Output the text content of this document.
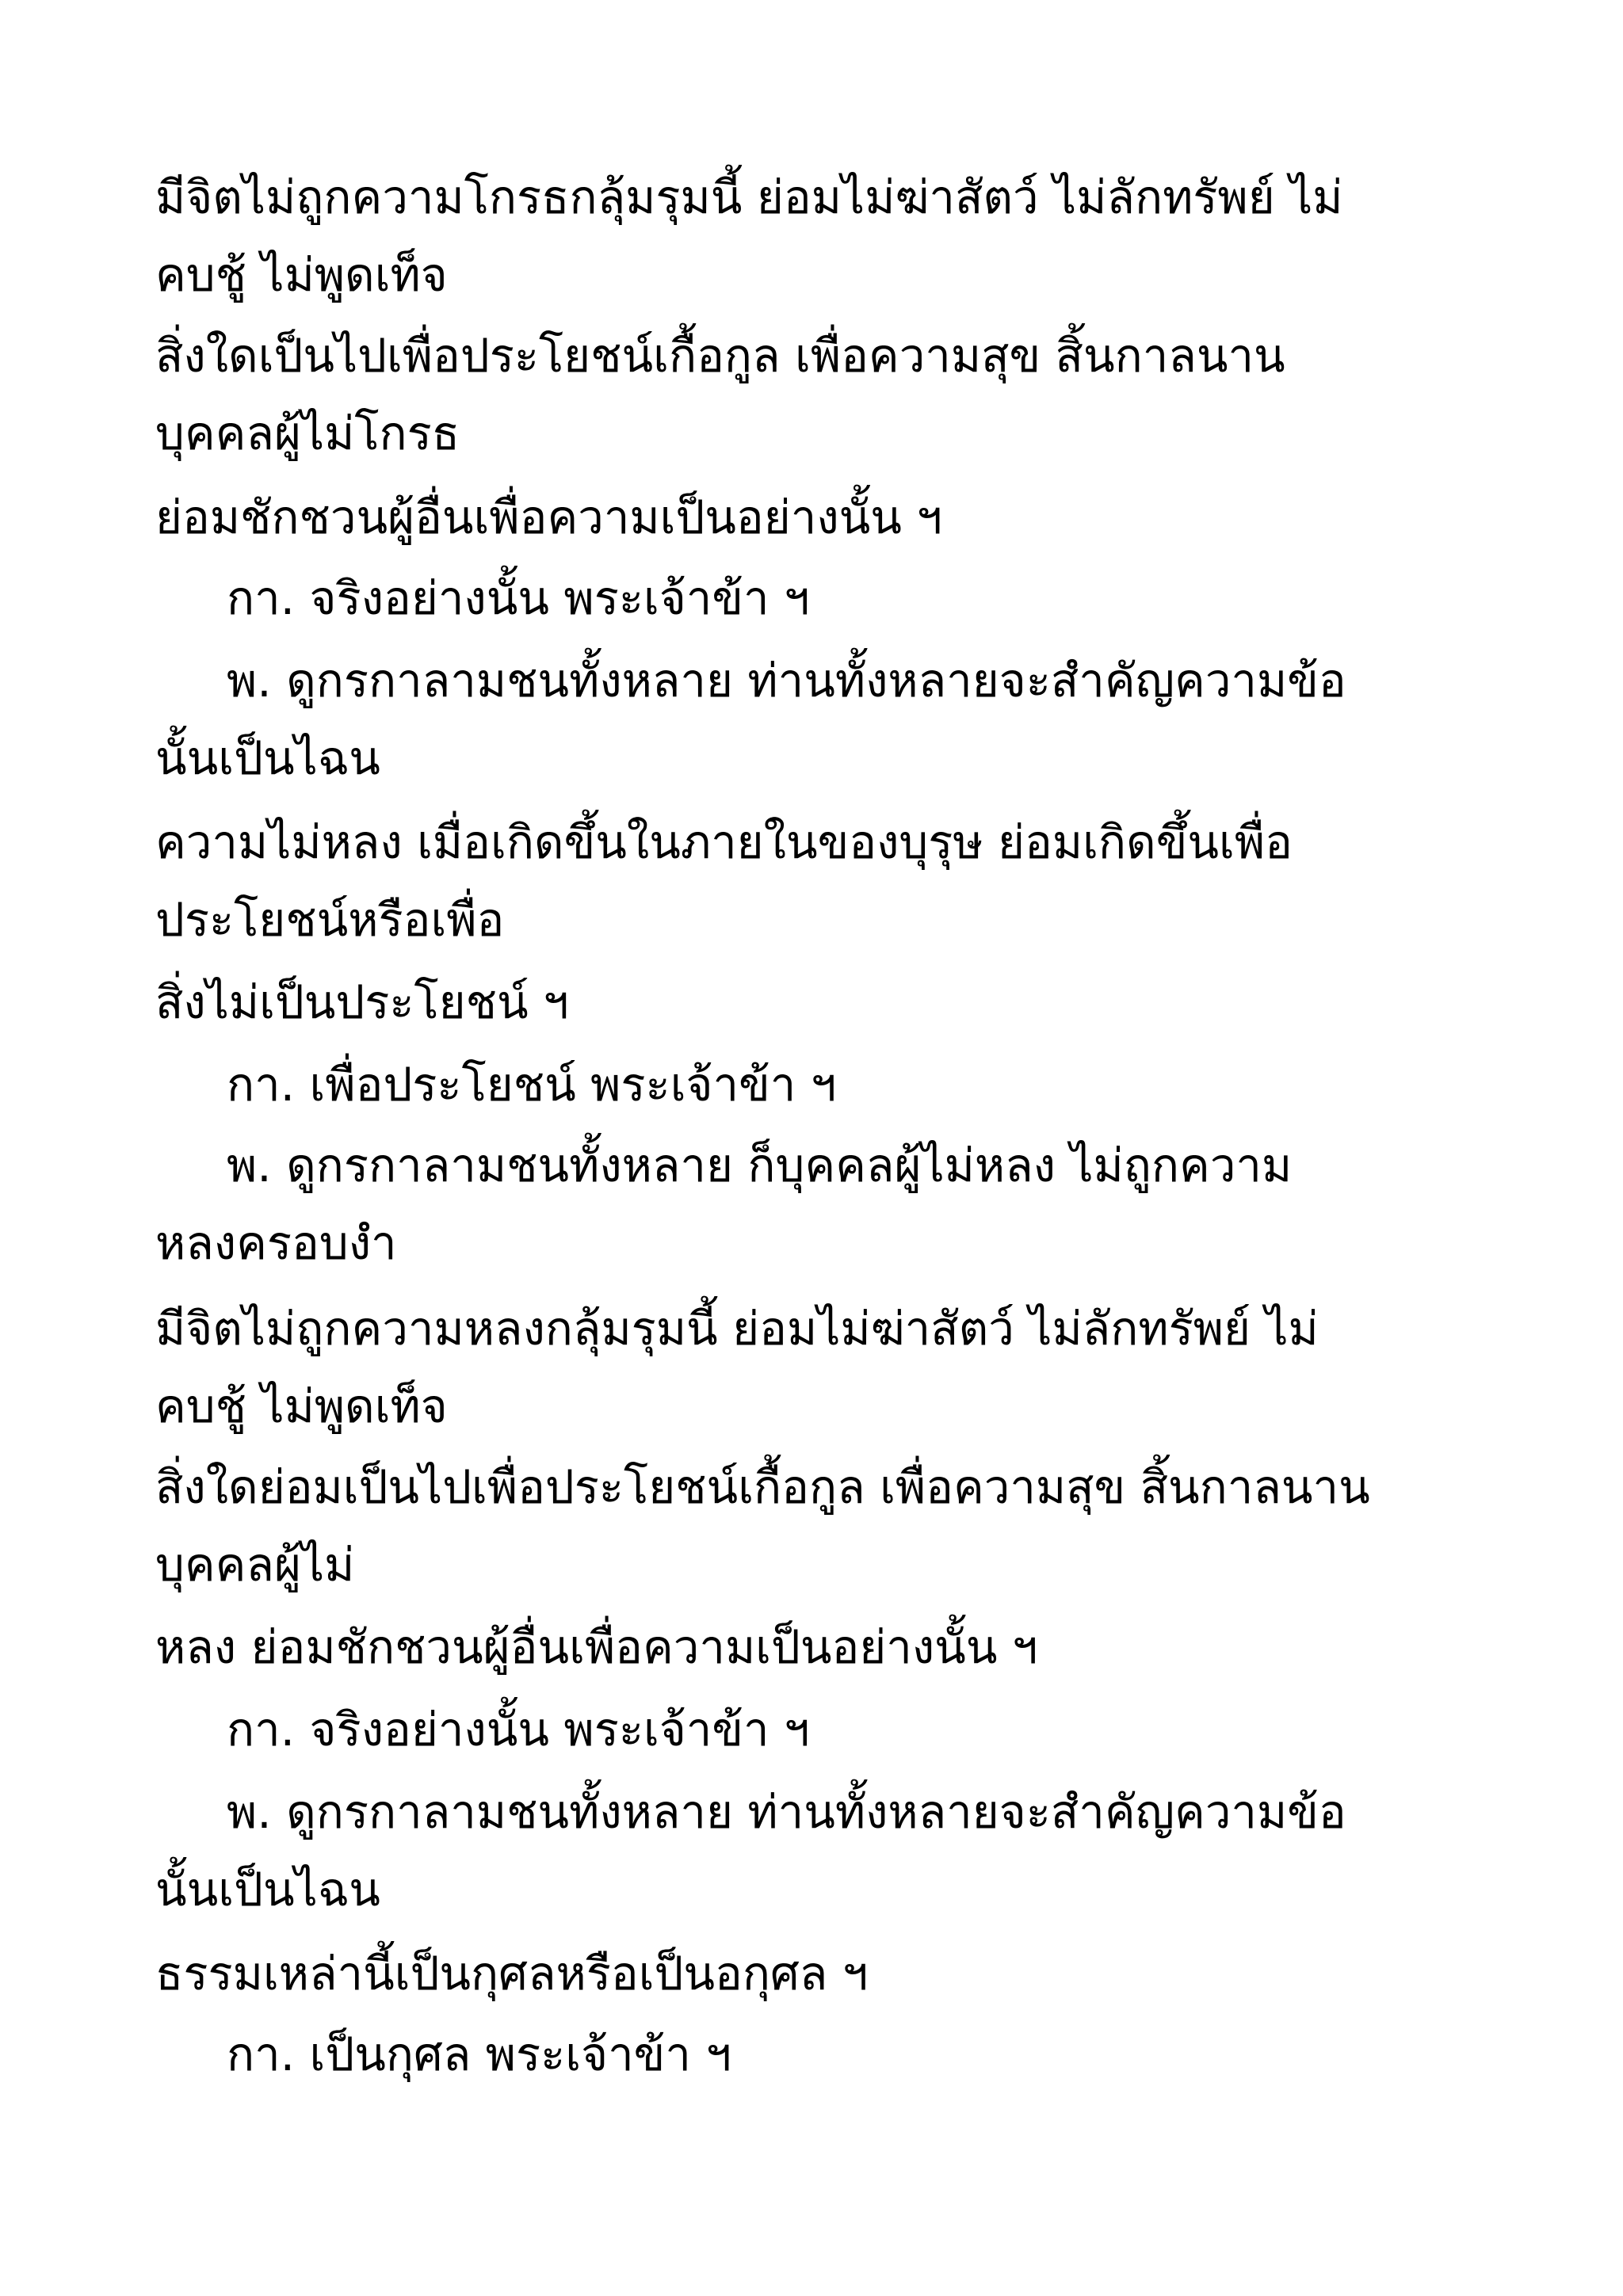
มีจิตไม่ถูกความโกรธกลุ้มรุมนี้ ย่อมไม่ฆ่าสัตว์ ไม่ลักทรัพย์ ไม่
คบชู้ ไม่พูดเท็จ
สิ่งใดเป็นไปเพื่อประโยชน์เกื้อกูล เพื่อความสุข สิ้นกาลนาน
บุคคลผู้ไม่โกรธ
ย่อมชักชวนผู้อื่นเพื่อความเป็นอย่างนั้น ฯ
กา. จริงอย่างนั้น พระเจ้าข้า ฯ
พ. ดูกรกาลามชนทั้งหลาย ท่านทั้งหลายจะสำคัญความข้อ
นั้นเป็นไฉน
ความไม่หลง เมื่อเกิดขึ้นในภายในของบุรุษ ย่อมเกิดขึ้นเพื่อ
ประโยชน์หรือเพื่อ
สิ่งไม่เป็นประโยชน์ ฯ
กา. เพื่อประโยชน์ พระเจ้าข้า ฯ
พ. ดูกรกาลามชนทั้งหลาย ก็บุคคลผู้ไม่หลง ไม่ถูกความ
หลงครอบงำ
มีจิตไม่ถูกความหลงกลุ้มรุมนี้ ย่อมไม่ฆ่าสัตว์ ไม่ลักทรัพย์ ไม่
คบชู้ ไม่พูดเท็จ
สิ่งใดย่อมเป็นไปเพื่อประโยชน์เกื้อกูล เพื่อความสุข สิ้นกาลนาน
บุคคลผู้ไม่
หลง ย่อมชักชวนผู้อื่นเพื่อความเป็นอย่างนั้น ฯ
กา. จริงอย่างนั้น พระเจ้าข้า ฯ
พ. ดูกรกาลามชนทั้งหลาย ท่านทั้งหลายจะสำคัญความข้อ
นั้นเป็นไฉน
ธรรมเหล่านี้เป็นกุศลหรือเป็นอกุศล ฯ
กา. เป็นกุศล พระเจ้าข้า ฯ
